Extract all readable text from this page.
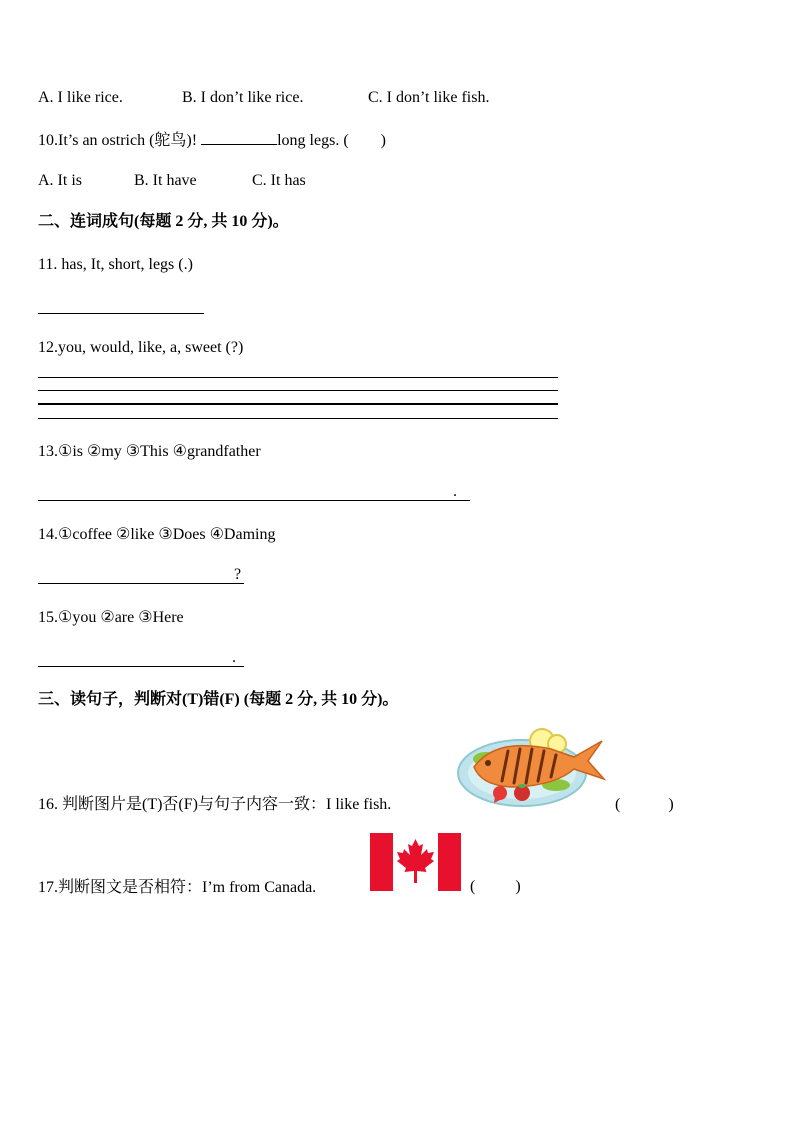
A. I like rice.	B. I don’t like rice.	C. I don’t like fish.
10.It’s an ostrich (鸵鸟)!	long legs. (        )
A. It is	B. It have	C. It has
二、连词成句(每题 2 分, 共 10 分)。
11. has, It, short, legs (.)
12.you, would, like, a, sweet (?)
13.①is ②my ③This ④grandfather
.
14.①coffee ②like ③Does ④Daming
?
15.①you ②are ③Here
.
三、读句子，判断对(T)错(F) (每题 2 分, 共 10 分)。
16. 判断图片是(T)否(F)与句子内容一致：I like fish.	(            )
17.判断图文是否相符：I’m from Canada.	(          )
